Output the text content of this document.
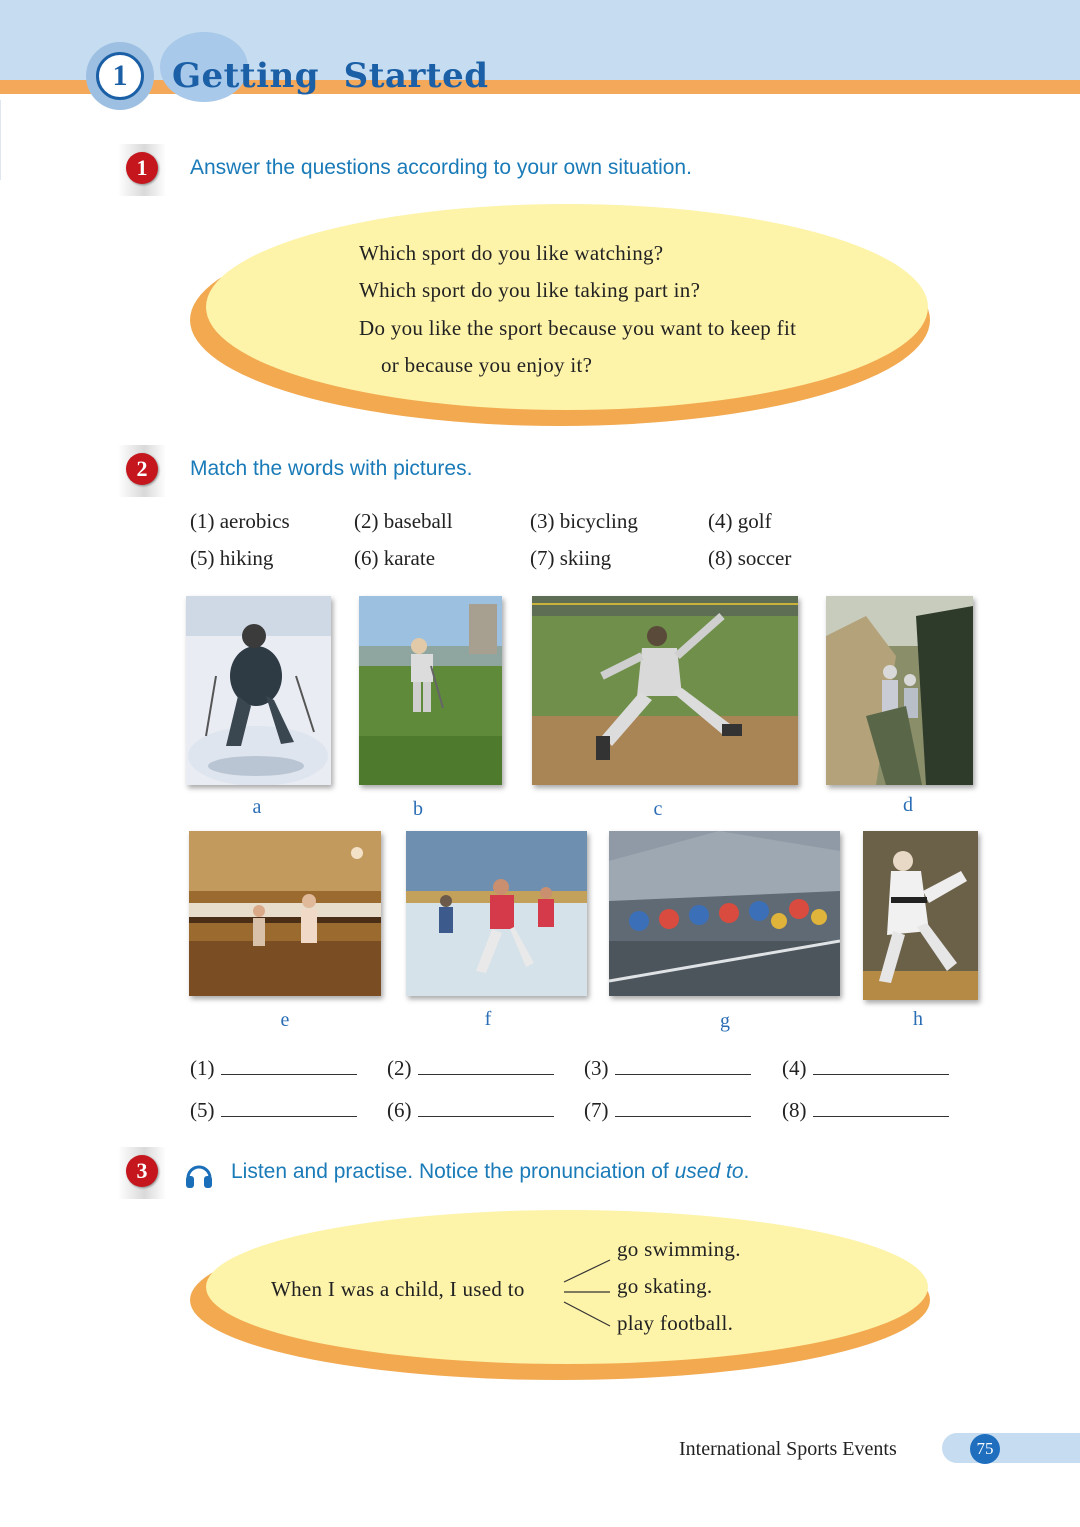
1	Getting  Started
1	Answer the questions according to your own situation.
Which sport do you like watching?
Which sport do you like taking part in?
Do you like the sport because you want to keep fit
or because you enjoy it?
2	Match the words with pictures.
(1) aerobics	(2) baseball	(3) bicycling	(4) golf
(5) hiking	(6) karate	(7) skiing	(8) soccer
a	b	c	d
e	f	g	h
(1)	(2)	(3)	(4)
(5)	(6)	(7)	(8)
3	Listen and practise. Notice the pronunciation of used to.
When I was a child, I used to
go swimming.
go skating.
play football.
International Sports Events	75
